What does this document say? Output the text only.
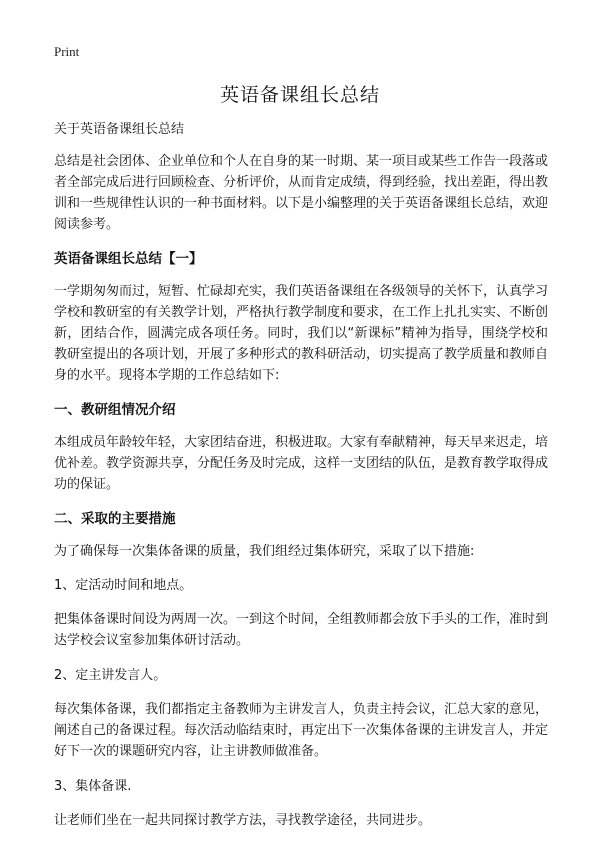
Print
英语备课组长总结

关于英语备课组长总结

总结是社会团体、企业单位和个人在自身的某一时期、某一项目或某些工作告一段落或者全部完成后进行回顾检查、分析评价，从而肯定成绩，得到经验，找出差距，得出教训和一些规律性认识的一种书面材料。以下是小编整理的关于英语备课组长总结，欢迎阅读参考。

英语备课组长总结【一】

一学期匆匆而过，短暂、忙碌却充实，我们英语备课组在各级领导的关怀下，认真学习学校和教研室的有关教学计划，严格执行教学制度和要求，在工作上扎扎实实、不断创新，团结合作，圆满完成各项任务。同时，我们以“新课标”精神为指导，围绕学校和教研室提出的各项计划，开展了多种形式的教科研活动，切实提高了教学质量和教师自身的水平。现将本学期的工作总结如下:

一、教研组情况介绍

本组成员年龄较年轻，大家团结奋进，积极进取。大家有奉献精神，每天早来迟走，培优补差。教学资源共享，分配任务及时完成，这样一支团结的队伍，是教育教学取得成功的保证。

二、采取的主要措施

为了确保每一次集体备课的质量，我们组经过集体研究，采取了以下措施:

1、定活动时间和地点。

把集体备课时间设为两周一次。一到这个时间，全组教师都会放下手头的工作，准时到达学校会议室参加集体研讨活动。

2、定主讲发言人。

每次集体备课，我们都指定主备教师为主讲发言人，负责主持会议，汇总大家的意见，阐述自己的备课过程。每次活动临结束时，再定出下一次集体备课的主讲发言人，并定好下一次的课题研究内容，让主讲教师做准备。

3、集体备课.

让老师们坐在一起共同探讨教学方法，寻找教学途径，共同进步。
